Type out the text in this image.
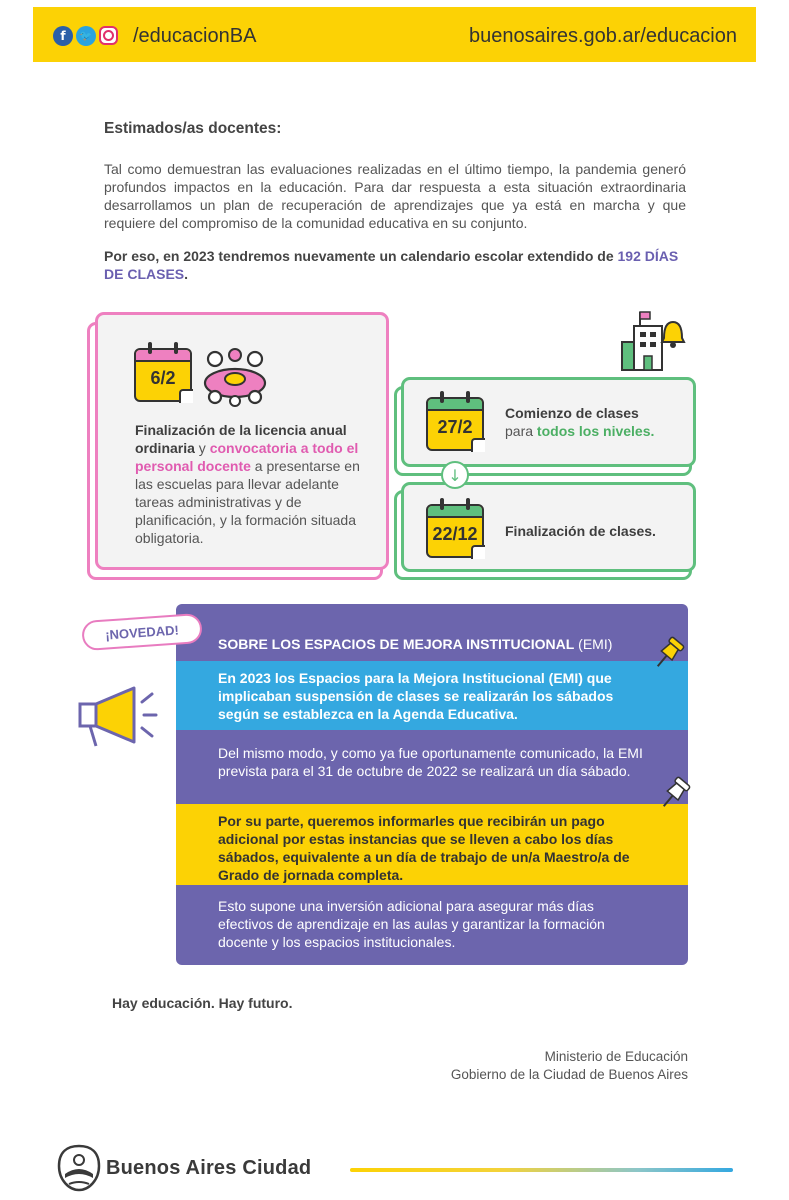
f	🐦 /educacionBA	buenosaires.gob.ar/educacion
Estimados/as docentes:
Tal como demuestran las evaluaciones realizadas en el último tiempo, la pandemia generó profundos impactos en la educación. Para dar respuesta a esta situación extraordinaria desarrollamos un plan de recuperación de aprendizajes que ya está en marcha y que requiere del compromiso de la comunidad educativa en su conjunto.
Por eso, en 2023 tendremos nuevamente un calendario escolar extendido de 192 DÍAS DE CLASES.
6/2
Finalización de la licencia anual ordinaria y convocatoria a todo el personal docente a presentarse en las escuelas para llevar adelante tareas administrativas y de planificación, y la formación situada obligatoria.
↓
27/2
22/12
Comienzo de clases
para todos los niveles.
Finalización de clases.
SOBRE LOS ESPACIOS DE MEJORA INSTITUCIONAL (EMI)
En 2023 los Espacios para la Mejora Institucional (EMI) que implicaban suspensión de clases se realizarán los sábados según se establezca en la Agenda Educativa.
Del mismo modo, y como ya fue oportunamente comunicado, la EMI prevista para el 31 de octubre de 2022 se realizará un día sábado.
Por su parte, queremos informarles que recibirán un pago adicional por estas instancias que se lleven a cabo los días sábados, equivalente a un día de trabajo de un/a Maestro/a de Grado de jornada completa.
Esto supone una inversión adicional para asegurar más días efectivos de aprendizaje en las aulas y garantizar la formación docente y los espacios institucionales.
¡NOVEDAD!
Hay educación. Hay futuro.
Ministerio de Educación
Gobierno de la Ciudad de Buenos Aires
Buenos Aires Ciudad
